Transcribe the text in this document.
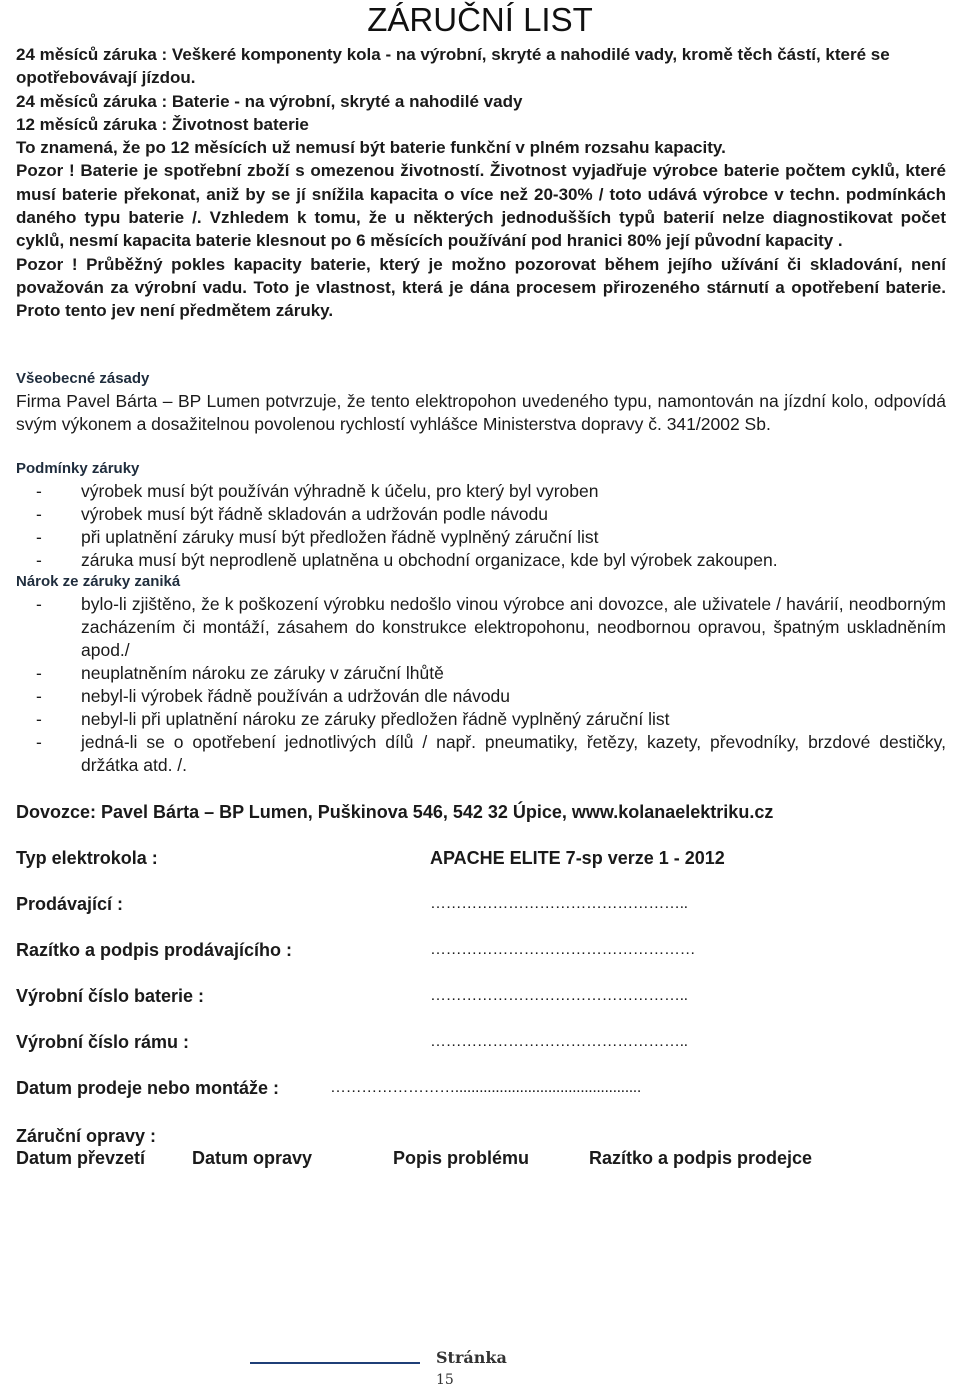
ZÁRUČNÍ LIST
24 měsíců záruka : Veškeré komponenty kola - na výrobní, skryté a nahodilé vady, kromě těch částí, které se opotřebovávají jízdou.
24 měsíců záruka : Baterie - na výrobní, skryté a nahodilé vady
12 měsíců záruka : Životnost baterie
To znamená, že po 12 měsících už nemusí být baterie funkční v plném rozsahu kapacity.
Pozor ! Baterie je spotřební zboží s omezenou životností. Životnost vyjadřuje výrobce baterie počtem cyklů, které musí baterie překonat, aniž by se jí snížila kapacita o více než 20-30% / toto udává výrobce v techn. podmínkách daného typu baterie /. Vzhledem k tomu, že u některých jednodušších typů baterií nelze diagnostikovat počet cyklů, nesmí kapacita baterie klesnout po 6 měsících používání pod hranici 80% její původní kapacity .
Pozor ! Průběžný pokles kapacity baterie, který je možno pozorovat během jejího užívání či skladování, není považován za výrobní vadu. Toto je vlastnost, která je dána procesem přirozeného stárnutí a opotřebení baterie. Proto tento jev není předmětem záruky.
Všeobecné zásady
Firma Pavel Bárta – BP Lumen potvrzuje, že tento elektropohon uvedeného typu, namontován na jízdní kolo, odpovídá svým výkonem a dosažitelnou povolenou rychlostí vyhlášce Ministerstva dopravy č. 341/2002 Sb.
Podmínky záruky
- výrobek musí být používán výhradně k účelu, pro který byl vyroben
- výrobek musí být řádně skladován a udržován podle návodu
- při uplatnění záruky musí být předložen řádně vyplněný záruční list
- záruka musí být neprodleně uplatněna u obchodní organizace, kde byl výrobek zakoupen.
Nárok ze záruky zaniká
- bylo-li zjištěno, že k poškození výrobku nedošlo vinou výrobce ani dovozce, ale uživatele / havárií, neodborným zacházením či montáží, zásahem do konstrukce elektropohonu, neodbornou opravou, špatným uskladněním apod./
- neuplatněním nároku ze záruky v záruční lhůtě
- nebyl-li výrobek řádně používán a udržován dle návodu
- nebyl-li při uplatnění nároku ze záruky předložen řádně vyplněný záruční list
- jedná-li se o opotřebení jednotlivých dílů / např. pneumatiky, řetězy, kazety, převodníky, brzdové destičky, držátka atd. /.
Dovozce: Pavel Bárta – BP Lumen, Puškinova 546, 542 32 Úpice, www.kolanaelektriku.cz
Typ elektrokola :	APACHE ELITE 7-sp verze 1 - 2012
Prodávající :	…………………………………………..
Razítko a podpis prodávajícího :	……………………………………………
Výrobní číslo baterie :	…………………………………………..
Výrobní číslo rámu :	…………………………………………..
Datum prodeje nebo montáže :	……………………..............................................
Záruční opravy :
Datum převzetí	Datum opravy	Popis problému	Razítko a podpis prodejce
Stránka
15
